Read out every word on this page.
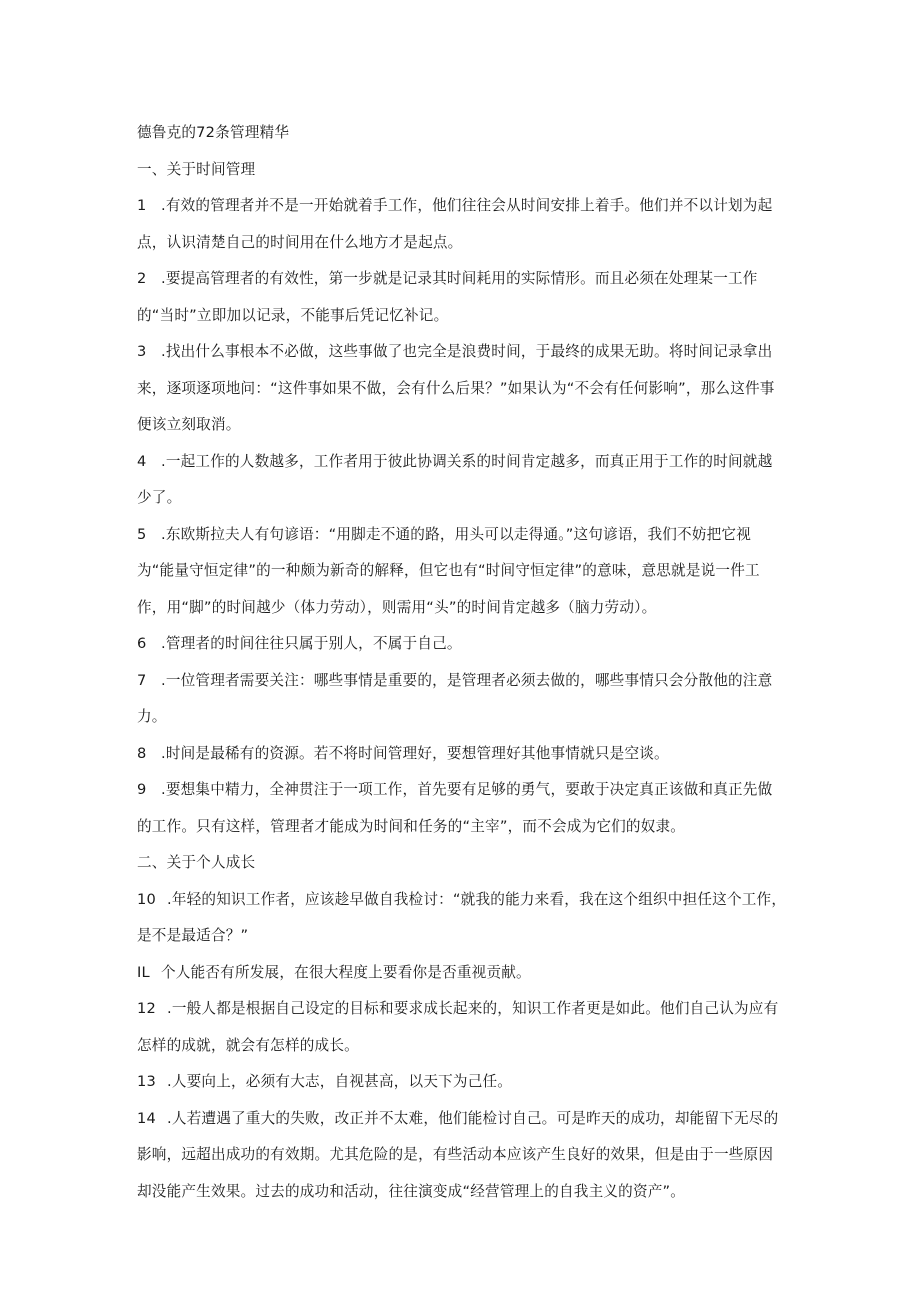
德鲁克的72条管理精华

一、关于时间管理

1 .有效的管理者并不是一开始就着手工作，他们往往会从时间安排上着手。他们并不以计划为起点，认识清楚自己的时间用在什么地方才是起点。

2 .要提高管理者的有效性，第一步就是记录其时间耗用的实际情形。而且必须在处理某一工作的“当时”立即加以记录，不能事后凭记忆补记。

3 .找出什么事根本不必做，这些事做了也完全是浪费时间，于最终的成果无助。将时间记录拿出来，逐项逐项地问：“这件事如果不做，会有什么后果？”如果认为“不会有任何影响”，那么这件事便该立刻取消。

4 .一起工作的人数越多，工作者用于彼此协调关系的时间肯定越多，而真正用于工作的时间就越少了。

5 .东欧斯拉夫人有句谚语：“用脚走不通的路，用头可以走得通。”这句谚语，我们不妨把它视为“能量守恒定律”的一种颇为新奇的解释，但它也有“时间守恒定律”的意味，意思就是说一件工作，用“脚”的时间越少（体力劳动），则需用“头”的时间肯定越多（脑力劳动）。

6 .管理者的时间往往只属于别人，不属于自己。

7 .一位管理者需要关注：哪些事情是重要的，是管理者必须去做的，哪些事情只会分散他的注意力。

8 .时间是最稀有的资源。若不将时间管理好，要想管理好其他事情就只是空谈。

9 .要想集中精力，全神贯注于一项工作，首先要有足够的勇气，要敢于决定真正该做和真正先做的工作。只有这样，管理者才能成为时间和任务的“主宰”，而不会成为它们的奴隶。

二、关于个人成长

10 .年轻的知识工作者，应该趁早做自我检讨：“就我的能力来看，我在这个组织中担任这个工作，是不是最适合？”

IL 个人能否有所发展，在很大程度上要看你是否重视贡献。

12 .一般人都是根据自己设定的目标和要求成长起来的，知识工作者更是如此。他们自己认为应有怎样的成就，就会有怎样的成长。

13 .人要向上，必须有大志，自视甚高，以天下为己任。

14 .人若遭遇了重大的失败，改正并不太难，他们能检讨自己。可是昨天的成功，却能留下无尽的影响，远超出成功的有效期。尤其危险的是，有些活动本应该产生良好的效果，但是由于一些原因却没能产生效果。过去的成功和活动，往往演变成“经营管理上的自我主义的资产”。
